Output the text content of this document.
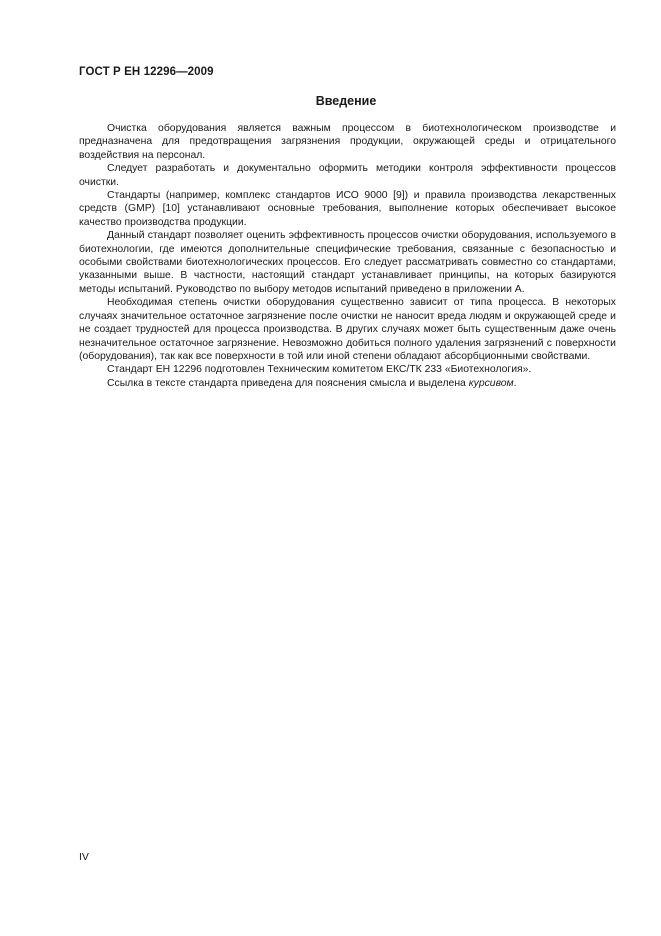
ГОСТ Р ЕН 12296—2009
Введение

Очистка оборудования является важным процессом в биотехнологическом производстве и предназначена для предотвращения загрязнения продукции, окружающей среды и отрицательного воздействия на персонал.

Следует разработать и документально оформить методики контроля эффективности процессов очистки.

Стандарты (например, комплекс стандартов ИСО 9000 [9]) и правила производства лекарственных средств (GMP) [10] устанавливают основные требования, выполнение которых обеспечивает высокое качество производства продукции.

Данный стандарт позволяет оценить эффективность процессов очистки оборудования, используемого в биотехнологии, где имеются дополнительные специфические требования, связанные с безопасностью и особыми свойствами биотехнологических процессов. Его следует рассматривать совместно со стандартами, указанными выше. В частности, настоящий стандарт устанавливает принципы, на которых базируются методы испытаний. Руководство по выбору методов испытаний приведено в приложении А.

Необходимая степень очистки оборудования существенно зависит от типа процесса. В некоторых случаях значительное остаточное загрязнение после очистки не наносит вреда людям и окружающей среде и не создает трудностей для процесса производства. В других случаях может быть существенным даже очень незначительное остаточное загрязнение. Невозможно добиться полного удаления загрязнений с поверхности (оборудования), так как все поверхности в той или иной степени обладают абсорбционными свойствами.

Стандарт ЕН 12296 подготовлен Техническим комитетом ЕКС/ТК 233 «Биотехнология».

Ссылка в тексте стандарта приведена для пояснения смысла и выделена курсивом.

IV
